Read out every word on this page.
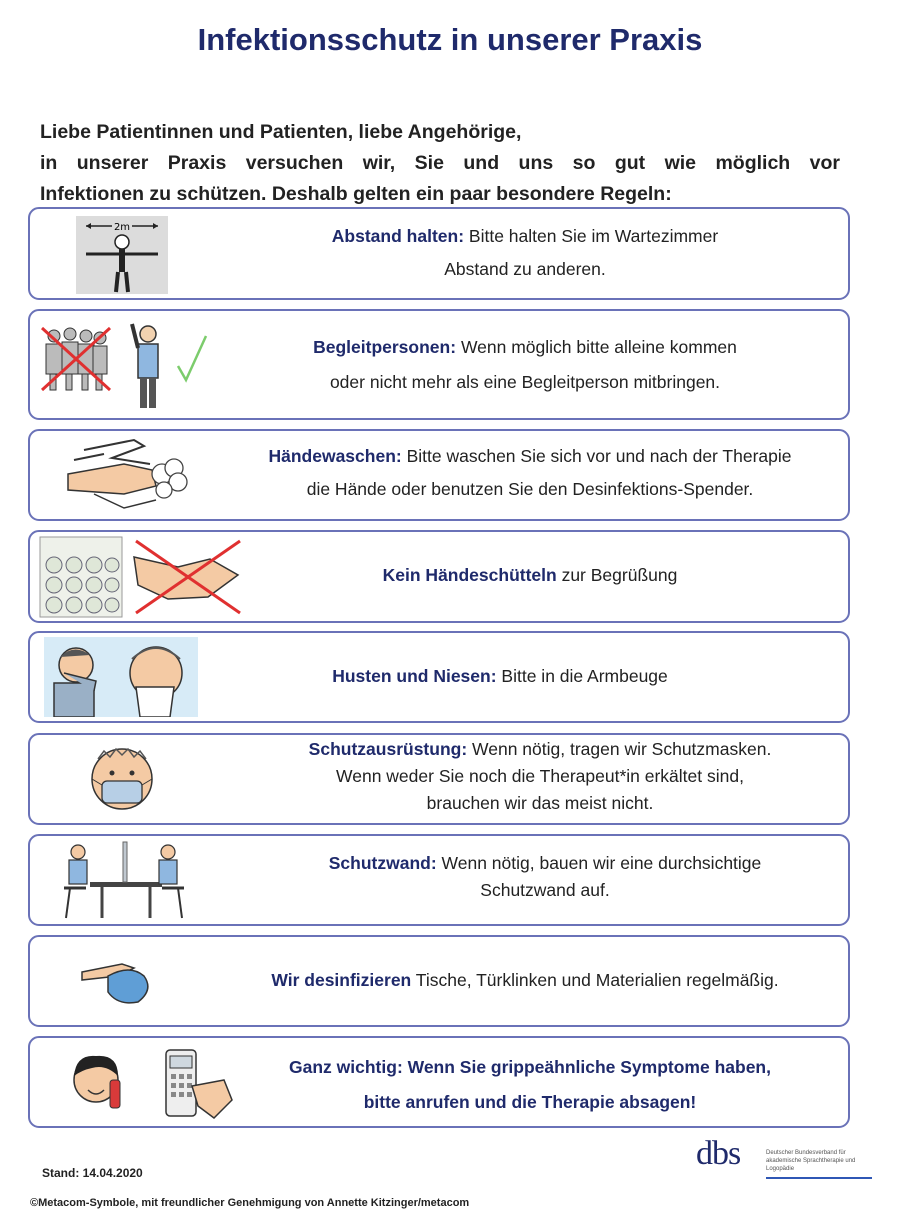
Infektionsschutz in unserer Praxis
Liebe Patientinnen und Patienten, liebe Angehörige,
in unserer Praxis versuchen wir, Sie und uns so gut wie möglich vor
Infektionen zu schützen. Deshalb gelten ein paar besondere Regeln:
2m	Abstand halten: Bitte halten Sie im Wartezimmer
Abstand zu anderen.
Begleitpersonen: Wenn möglich bitte alleine kommen
oder nicht mehr als eine Begleitperson mitbringen.
Händewaschen: Bitte waschen Sie sich vor und nach der Therapie
die Hände oder benutzen Sie den Desinfektions-Spender.
Kein Händeschütteln zur Begrüßung
Husten und Niesen: Bitte in die Armbeuge
Schutzausrüstung: Wenn nötig, tragen wir Schutzmasken.
Wenn weder Sie noch die Therapeut*in erkältet sind,
brauchen wir das meist nicht.
Schutzwand: Wenn nötig, bauen wir eine durchsichtige
Schutzwand auf.
Wir desinfizieren Tische, Türklinken und Materialien regelmäßig.
Ganz wichtig: Wenn Sie grippeähnliche Symptome haben,
bitte anrufen und die Therapie absagen!
Stand: 14.04.2020
©Metacom-Symbole, mit freundlicher Genehmigung von Annette Kitzinger/metacom
dbs	Deutscher Bundesverband für akademische Sprachtherapie und Logopädie
